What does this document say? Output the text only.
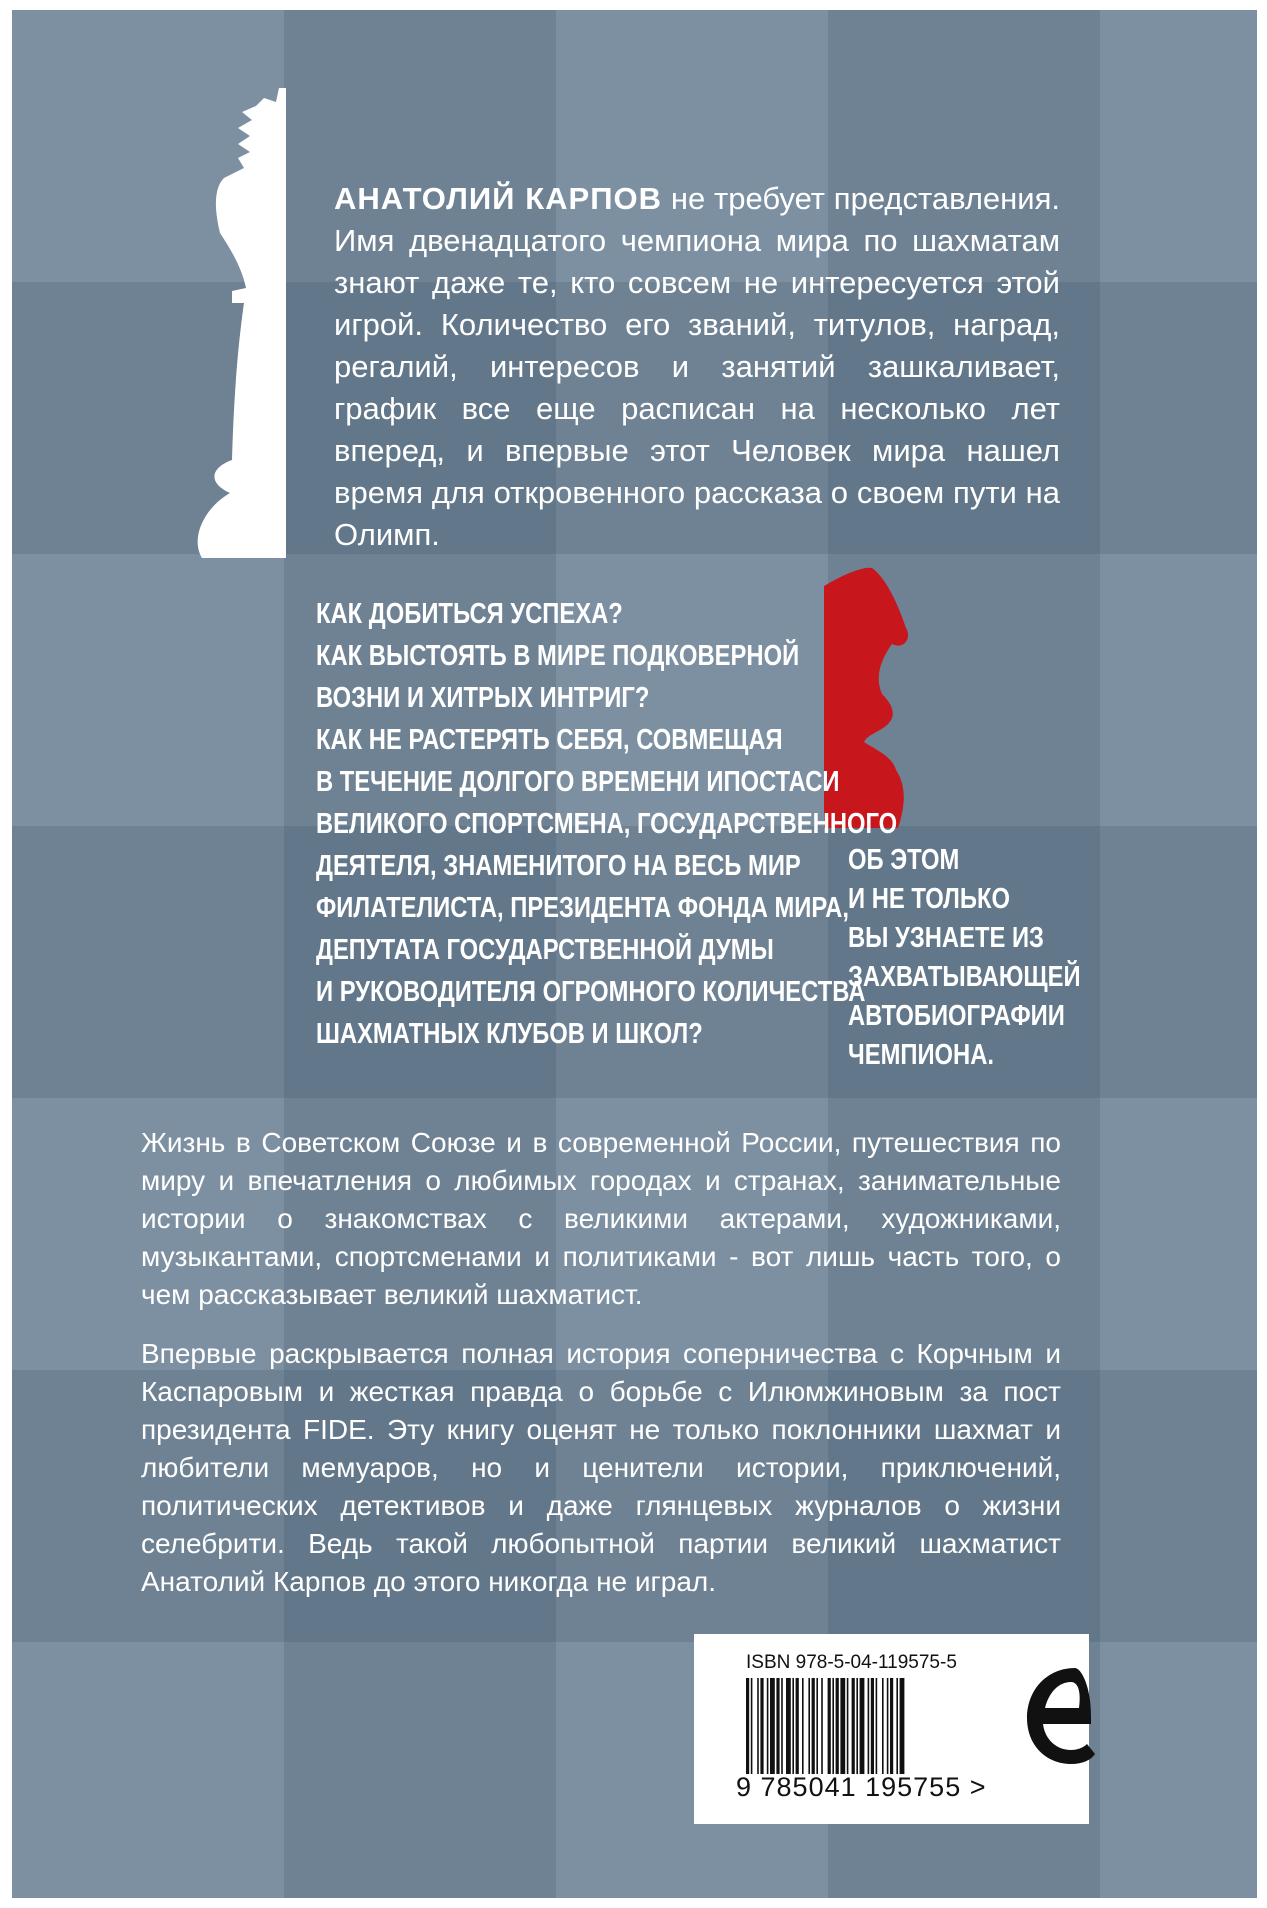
АНАТОЛИЙ КАРПОВ не требует представления. Имя двенадцатого чемпиона мира по шахматам знают даже те, кто совсем не интересуется этой игрой. Количество его званий, титулов, наград, регалий, интересов и занятий зашкаливает, график все еще расписан на несколько лет вперед, и впервые этот Человек мира нашел время для откровенного рассказа о своем пути на Олимп.
КАК ДОБИТЬСЯ УСПЕХА?
КАК ВЫСТОЯТЬ В МИРЕ ПОДКОВЕРНОЙ
ВОЗНИ И ХИТРЫХ ИНТРИГ?
КАК НЕ РАСТЕРЯТЬ СЕБЯ, СОВМЕЩАЯ
В ТЕЧЕНИЕ ДОЛГОГО ВРЕМЕНИ ИПОСТАСИ
ВЕЛИКОГО СПОРТСМЕНА, ГОСУДАРСТВЕННОГО
ДЕЯТЕЛЯ, ЗНАМЕНИТОГО НА ВЕСЬ МИР
ФИЛАТЕЛИСТА, ПРЕЗИДЕНТА ФОНДА МИРА,
ДЕПУТАТА ГОСУДАРСТВЕННОЙ ДУМЫ
И РУКОВОДИТЕЛЯ ОГРОМНОГО КОЛИЧЕСТВА
ШАХМАТНЫХ КЛУБОВ И ШКОЛ?
ОБ ЭТОМ
И НЕ ТОЛЬКО
ВЫ УЗНАЕТЕ ИЗ
ЗАХВАТЫВАЮЩЕЙ
АВТОБИОГРАФИИ
ЧЕМПИОНА.
Жизнь в Советском Союзе и в современной России, путешествия по миру и впечатления о любимых городах и странах, занимательные истории о знакомствах с великими актерами, художниками, музыкантами, спортсменами и политиками - вот лишь часть того, о чем рассказывает великий шахматист.
Впервые раскрывается полная история соперничества с Корчным и Каспаровым и жесткая правда о борьбе с Илюмжиновым за пост президента FIDE. Эту книгу оценят не только поклонники шахмат и любители мемуаров, но и ценители истории, приключений, политических детективов и даже глянцевых журналов о жизни селебрити. Ведь такой любопытной партии великий шахматист Анатолий Карпов до этого никогда не играл.
ISBN 978-5-04-119575-5
9 785041 195755 >
